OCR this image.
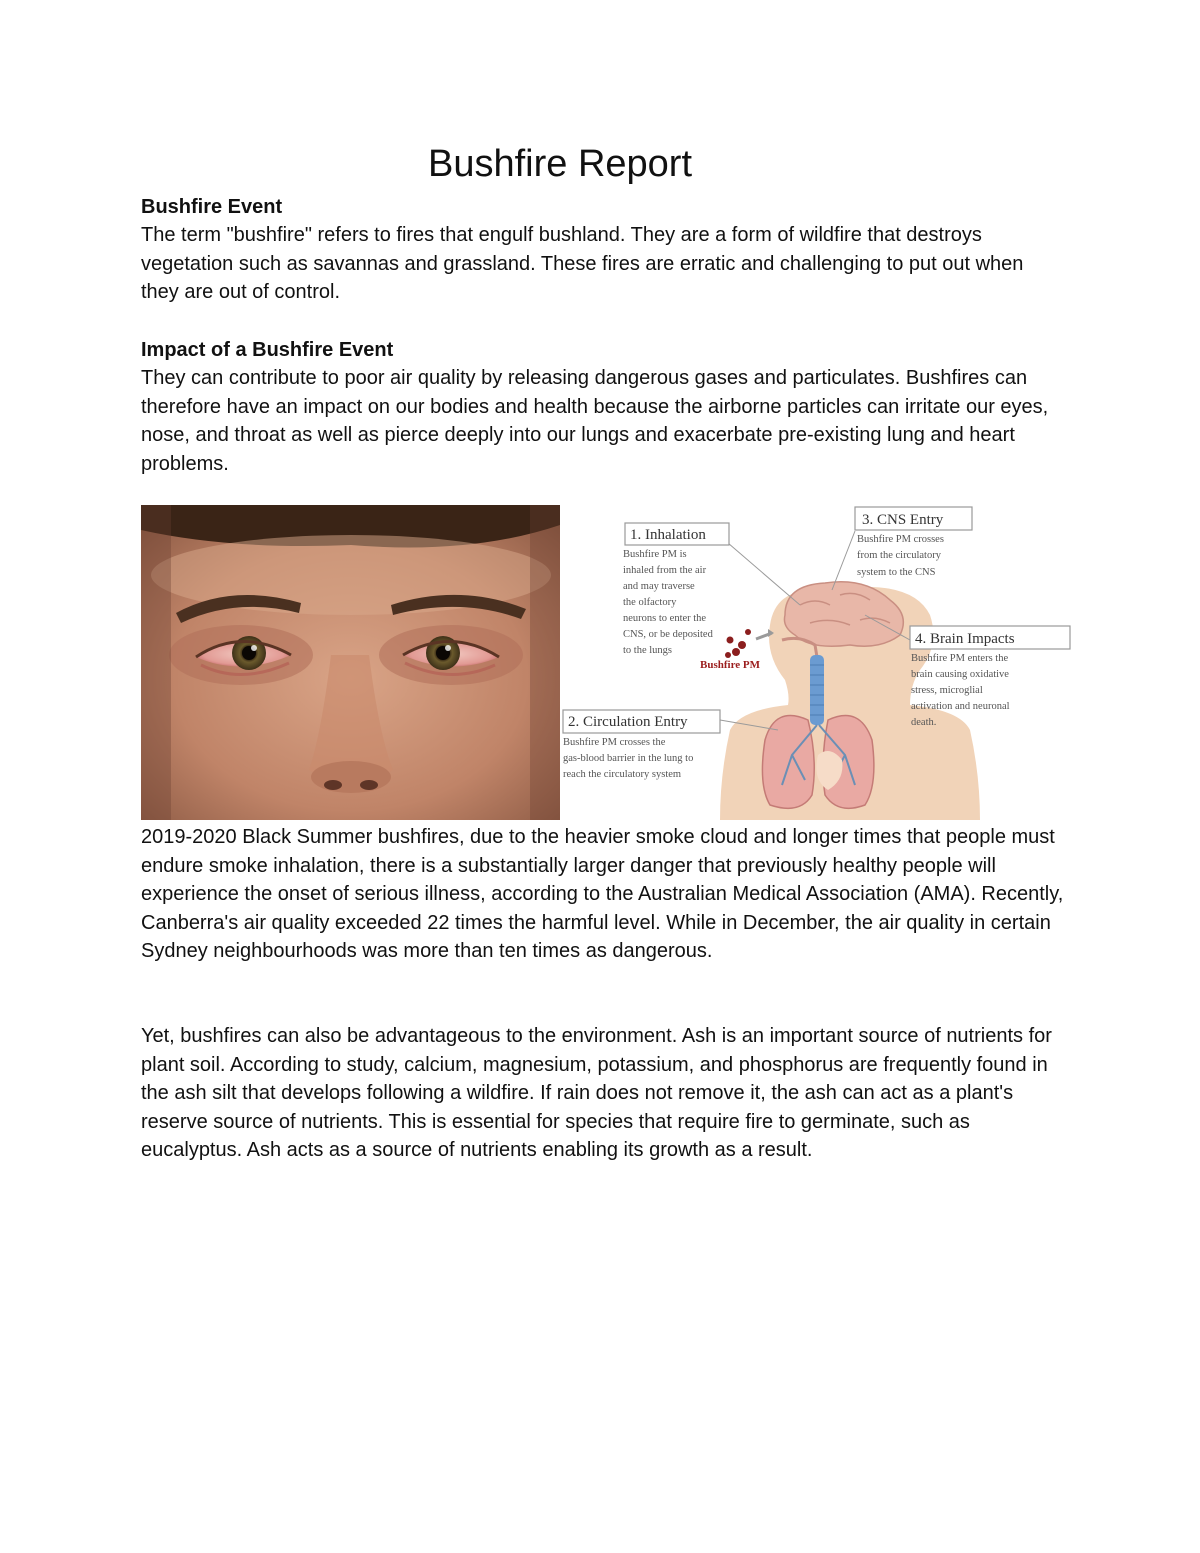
Bushfire Report
Bushfire Event

The term "bushfire" refers to fires that engulf bushland. They are a form of wildfire that destroys vegetation such as savannas and grassland. These fires are erratic and challenging to put out when they are out of control.

Impact of a Bushfire Event

They can contribute to poor air quality by releasing dangerous gases and particulates. Bushfires can therefore have an impact on our bodies and health because the airborne particles can irritate our eyes, nose, and throat as well as pierce deeply into our lungs and exacerbate pre-existing lung and heart problems.

Bushfire PM
1. Inhalation
Bushfire PM is
inhaled from the air
and may traverse
the olfactory
neurons to enter the
CNS, or be deposited
to the lungs
2. Circulation Entry
Bushfire PM crosses the
gas-blood barrier in the lung to
reach the circulatory system
3. CNS Entry
Bushfire PM crosses
from the circulatory
system to the CNS
4. Brain Impacts
Bushfire PM enters the
brain causing oxidative
stress, microglial
activation and neuronal
death.

2019-2020 Black Summer bushfires, due to the heavier smoke cloud and longer times that people must endure smoke inhalation, there is a substantially larger danger that previously healthy people will experience the onset of serious illness, according to the Australian Medical Association (AMA). Recently, Canberra's air quality exceeded 22 times the harmful level. While in December, the air quality in certain Sydney neighbourhoods was more than ten times as dangerous.

Yet, bushfires can also be advantageous to the environment. Ash is an important source of nutrients for plant soil. According to study, calcium, magnesium, potassium, and phosphorus are frequently found in the ash silt that develops following a wildfire. If rain does not remove it, the ash can act as a plant's reserve source of nutrients. This is essential for species that require fire to germinate, such as eucalyptus. Ash acts as a source of nutrients enabling its growth as a result.
